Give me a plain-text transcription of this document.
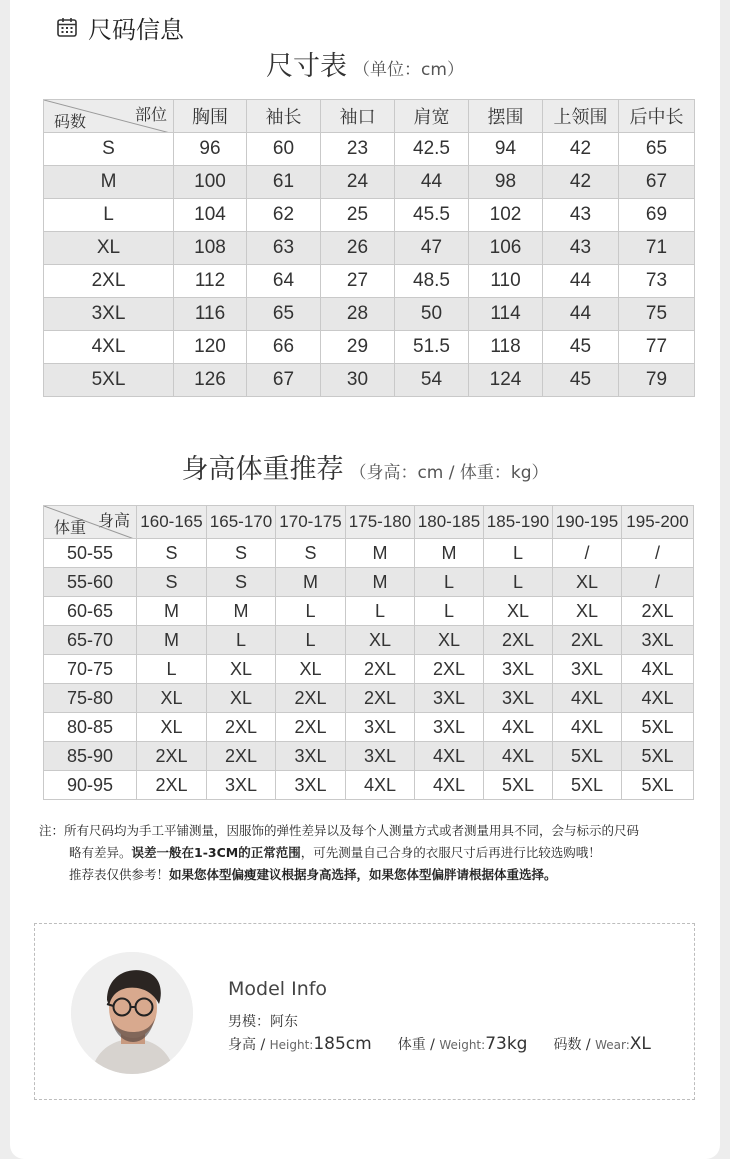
尺码信息
尺寸表 （单位：cm）
部位
码数	胸围	袖长	袖口	肩宽	摆围	上领围	后中长
S	96	60	23	42.5	94	42	65
M	100	61	24	44	98	42	67
L	104	62	25	45.5	102	43	69
XL	108	63	26	47	106	43	71
2XL	112	64	27	48.5	110	44	73
3XL	116	65	28	50	114	44	75
4XL	120	66	29	51.5	118	45	77
5XL	126	67	30	54	124	45	79
身高体重推荐 （身高：cm / 体重：kg）
身高
体重	160-165	165-170	170-175	175-180	180-185	185-190	190-195	195-200
50-55	S	S	S	M	M	L	/	/
55-60	S	S	M	M	L	L	XL	/
60-65	M	M	L	L	L	XL	XL	2XL
65-70	M	L	L	XL	XL	2XL	2XL	3XL
70-75	L	XL	XL	2XL	2XL	3XL	3XL	4XL
75-80	XL	XL	2XL	2XL	3XL	3XL	4XL	4XL
80-85	XL	2XL	2XL	3XL	3XL	4XL	4XL	5XL
85-90	2XL	2XL	3XL	3XL	4XL	4XL	5XL	5XL
90-95	2XL	3XL	3XL	4XL	4XL	5XL	5XL	5XL
注：所有尺码均为手工平铺测量，因服饰的弹性差异以及每个人测量方式或者测量用具不同，会与标示的尺码
略有差异。误差一般在1-3CM的正常范围，可先测量自己合身的衣服尺寸后再进行比较选购哦！
推荐表仅供参考！如果您体型偏瘦建议根据身高选择，如果您体型偏胖请根据体重选择。
Model Info
男模：阿东
身高 / Height:185cm 体重 / Weight:73kg 码数 / Wear:XL
